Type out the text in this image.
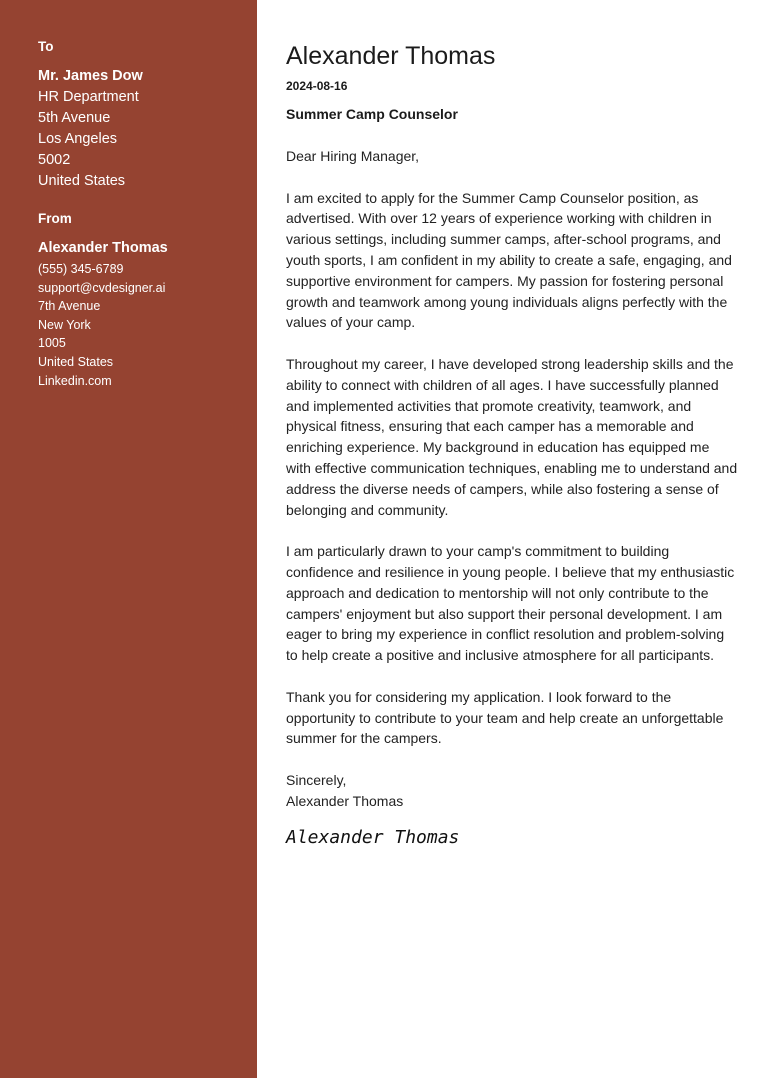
To

Mr. James Dow

HR Department

5th Avenue

Los Angeles

5002

United States

From

Alexander Thomas

(555) 345-6789

support@cvdesigner.ai

7th Avenue

New York

1005

United States

Linkedin.com

Alexander Thomas

2024-08-16

Summer Camp Counselor

Dear Hiring Manager,

I am excited to apply for the Summer Camp Counselor position, as advertised. With over 12 years of experience working with children in various settings, including summer camps, after-school programs, and youth sports, I am confident in my ability to create a safe, engaging, and supportive environment for campers. My passion for fostering personal growth and teamwork among young individuals aligns perfectly with the values of your camp.

Throughout my career, I have developed strong leadership skills and the ability to connect with children of all ages. I have successfully planned and implemented activities that promote creativity, teamwork, and physical fitness, ensuring that each camper has a memorable and enriching experience. My background in education has equipped me with effective communication techniques, enabling me to understand and address the diverse needs of campers, while also fostering a sense of belonging and community.

I am particularly drawn to your camp's commitment to building confidence and resilience in young people. I believe that my enthusiastic approach and dedication to mentorship will not only contribute to the campers' enjoyment but also support their personal development. I am eager to bring my experience in conflict resolution and problem-solving to help create a positive and inclusive atmosphere for all participants.

Thank you for considering my application. I look forward to the opportunity to contribute to your team and help create an unforgettable summer for the campers.

Sincerely,

Alexander Thomas

Alexander Thomas
